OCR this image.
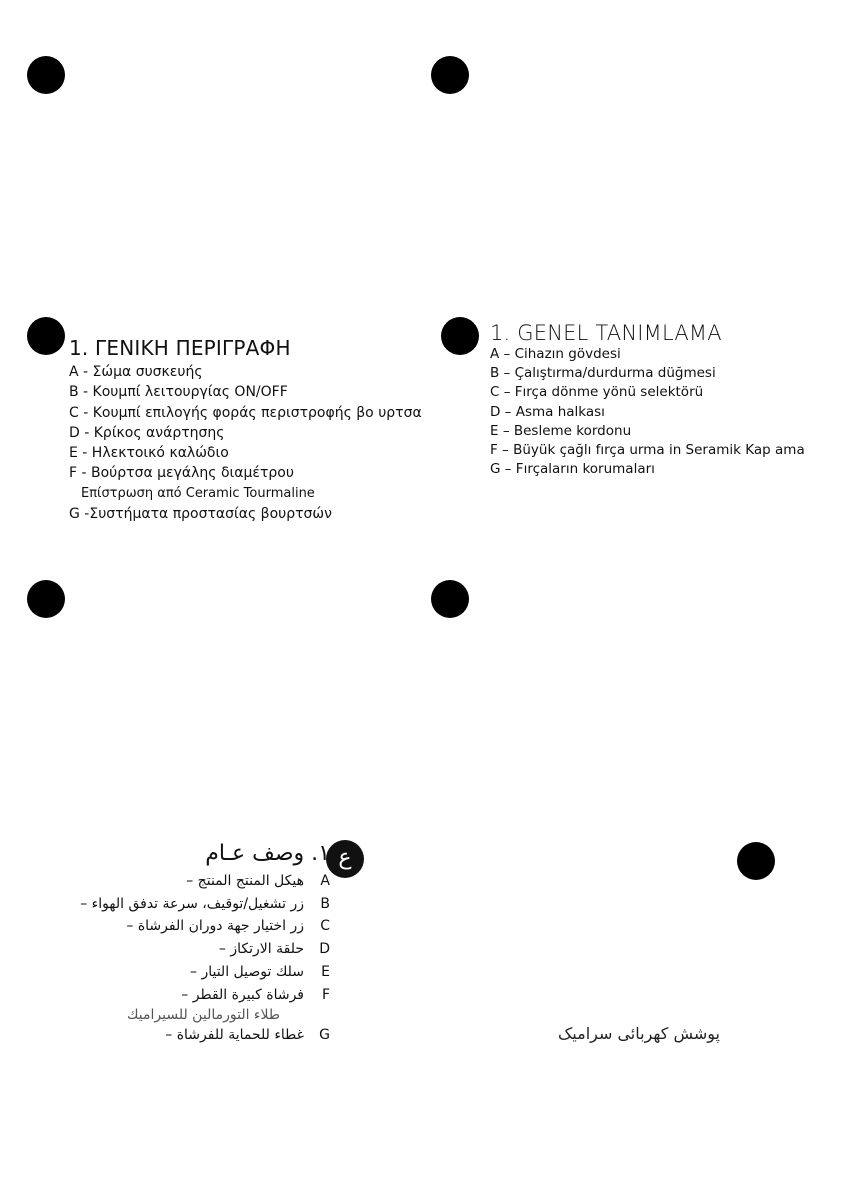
ع
1. ΓΕΝΙΚΗ ΠΕΡΙΓΡΑΦΗ
A - Σώμα συσκευής
B - Κουμπί λειτουργίας ON/OFF
C - Κουμπί επιλογής φοράς περιστροφής βο υρτσα
D - Κρίκος ανάρτησης
E - Ηλεκτοικό καλώδιο
F - Βούρτσα μεγάλης διαμέτρου
Επίστρωση από Ceramic Tourmaline
G -Συστήματα προστασίας βουρτσών
1. GENEL TANIMLAMA
A – Cihazın gövdesi
B – Çalıştırma/durdurma düğmesi
C – Fırça dönme yönü selektörü
D – Asma halkası
E – Besleme kordonu
F – Büyük çağlı fırça urma in Seramik Kap ama
G – Fırçaların korumaları
١. وصف عـام
هيكل المنتج المنتج –	A
زر تشغيل/توقيف، سرعة تدفق الهواء –	B
زر اختيار جهة دوران الفرشاة –	C
حلقة الارتكاز –	D
سلك توصيل التيار –	E
فرشاة كبيرة القطر –	F
طلاء التورمالين للسيراميك
غطاء للحماية للفرشاة –	G	پوشش كهربائی سرامیک
